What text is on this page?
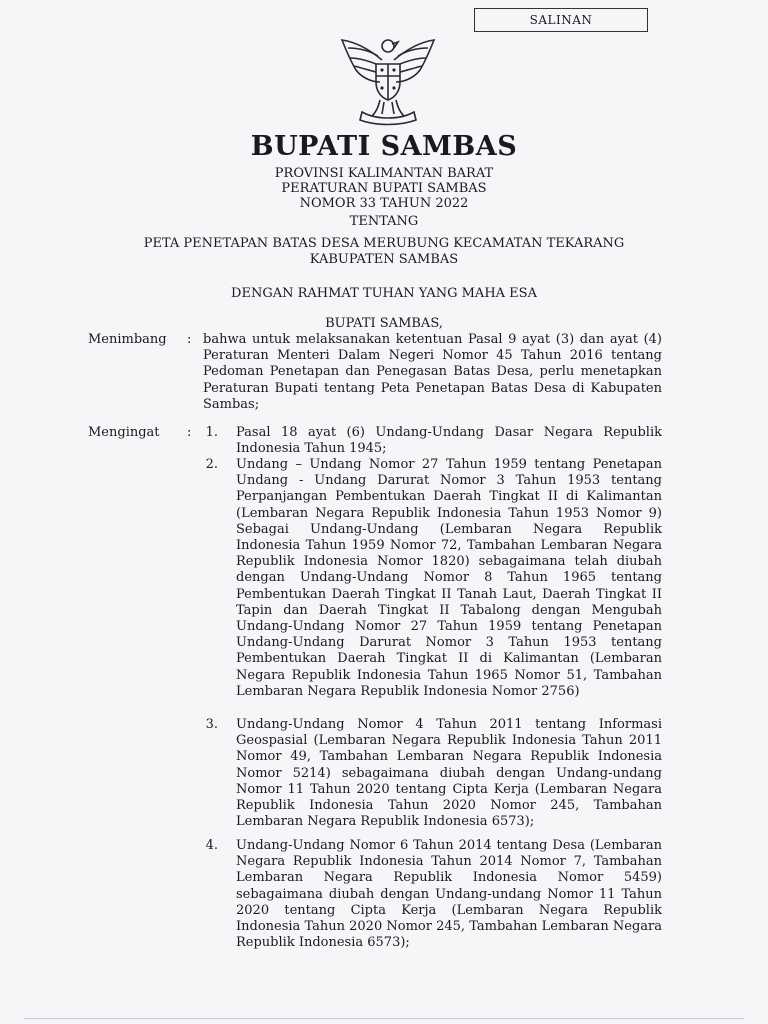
SALINAN
BUPATI SAMBAS
PROVINSI KALIMANTAN BARAT
PERATURAN BUPATI SAMBAS
NOMOR 33 TAHUN 2022
TENTANG
PETA PENETAPAN BATAS DESA MERUBUNG KECAMATAN TEKARANG
KABUPATEN SAMBAS
DENGAN RAHMAT TUHAN YANG MAHA ESA
BUPATI SAMBAS,
Menimbang : bahwa untuk melaksanakan ketentuan Pasal 9 ayat (3) dan ayat (4) Peraturan Menteri Dalam Negeri Nomor 45 Tahun 2016 tentang Pedoman Penetapan dan Penegasan Batas Desa, perlu menetapkan Peraturan Bupati tentang Peta Penetapan Batas Desa di Kabupaten Sambas;
Mengingat :	1. Pasal 18 ayat (6) Undang-Undang Dasar Negara Republik Indonesia Tahun 1945;
2. Undang – Undang Nomor 27 Tahun 1959 tentang Penetapan Undang - Undang Darurat Nomor 3 Tahun 1953 tentang Perpanjangan Pembentukan Daerah Tingkat II di Kalimantan (Lembaran Negara Republik Indonesia Tahun 1953 Nomor 9) Sebagai Undang-Undang (Lembaran Negara Republik Indonesia Tahun 1959 Nomor 72, Tambahan Lembaran Negara Republik Indonesia Nomor 1820) sebagaimana telah diubah dengan Undang-Undang Nomor 8 Tahun 1965 tentang Pembentukan Daerah Tingkat II Tanah Laut, Daerah Tingkat II Tapin dan Daerah Tingkat II Tabalong dengan Mengubah Undang-Undang Nomor 27 Tahun 1959 tentang Penetapan Undang-Undang Darurat Nomor 3 Tahun 1953 tentang Pembentukan Daerah Tingkat II di Kalimantan (Lembaran Negara Republik Indonesia Tahun 1965 Nomor 51, Tambahan Lembaran Negara Republik Indonesia Nomor 2756)
3. Undang-Undang Nomor 4 Tahun 2011 tentang Informasi Geospasial (Lembaran Negara Republik Indonesia Tahun 2011 Nomor 49, Tambahan Lembaran Negara Republik Indonesia Nomor 5214) sebagaimana diubah dengan Undang-undang Nomor 11 Tahun 2020 tentang Cipta Kerja (Lembaran Negara Republik Indonesia Tahun 2020 Nomor 245, Tambahan Lembaran Negara Republik Indonesia 6573);
4. Undang-Undang Nomor 6 Tahun 2014 tentang Desa (Lembaran Negara Republik Indonesia Tahun 2014 Nomor 7, Tambahan Lembaran Negara Republik Indonesia Nomor 5459) sebagaimana diubah dengan Undang-undang Nomor 11 Tahun 2020 tentang Cipta Kerja (Lembaran Negara Republik Indonesia Tahun 2020 Nomor 245, Tambahan Lembaran Negara Republik Indonesia 6573);
